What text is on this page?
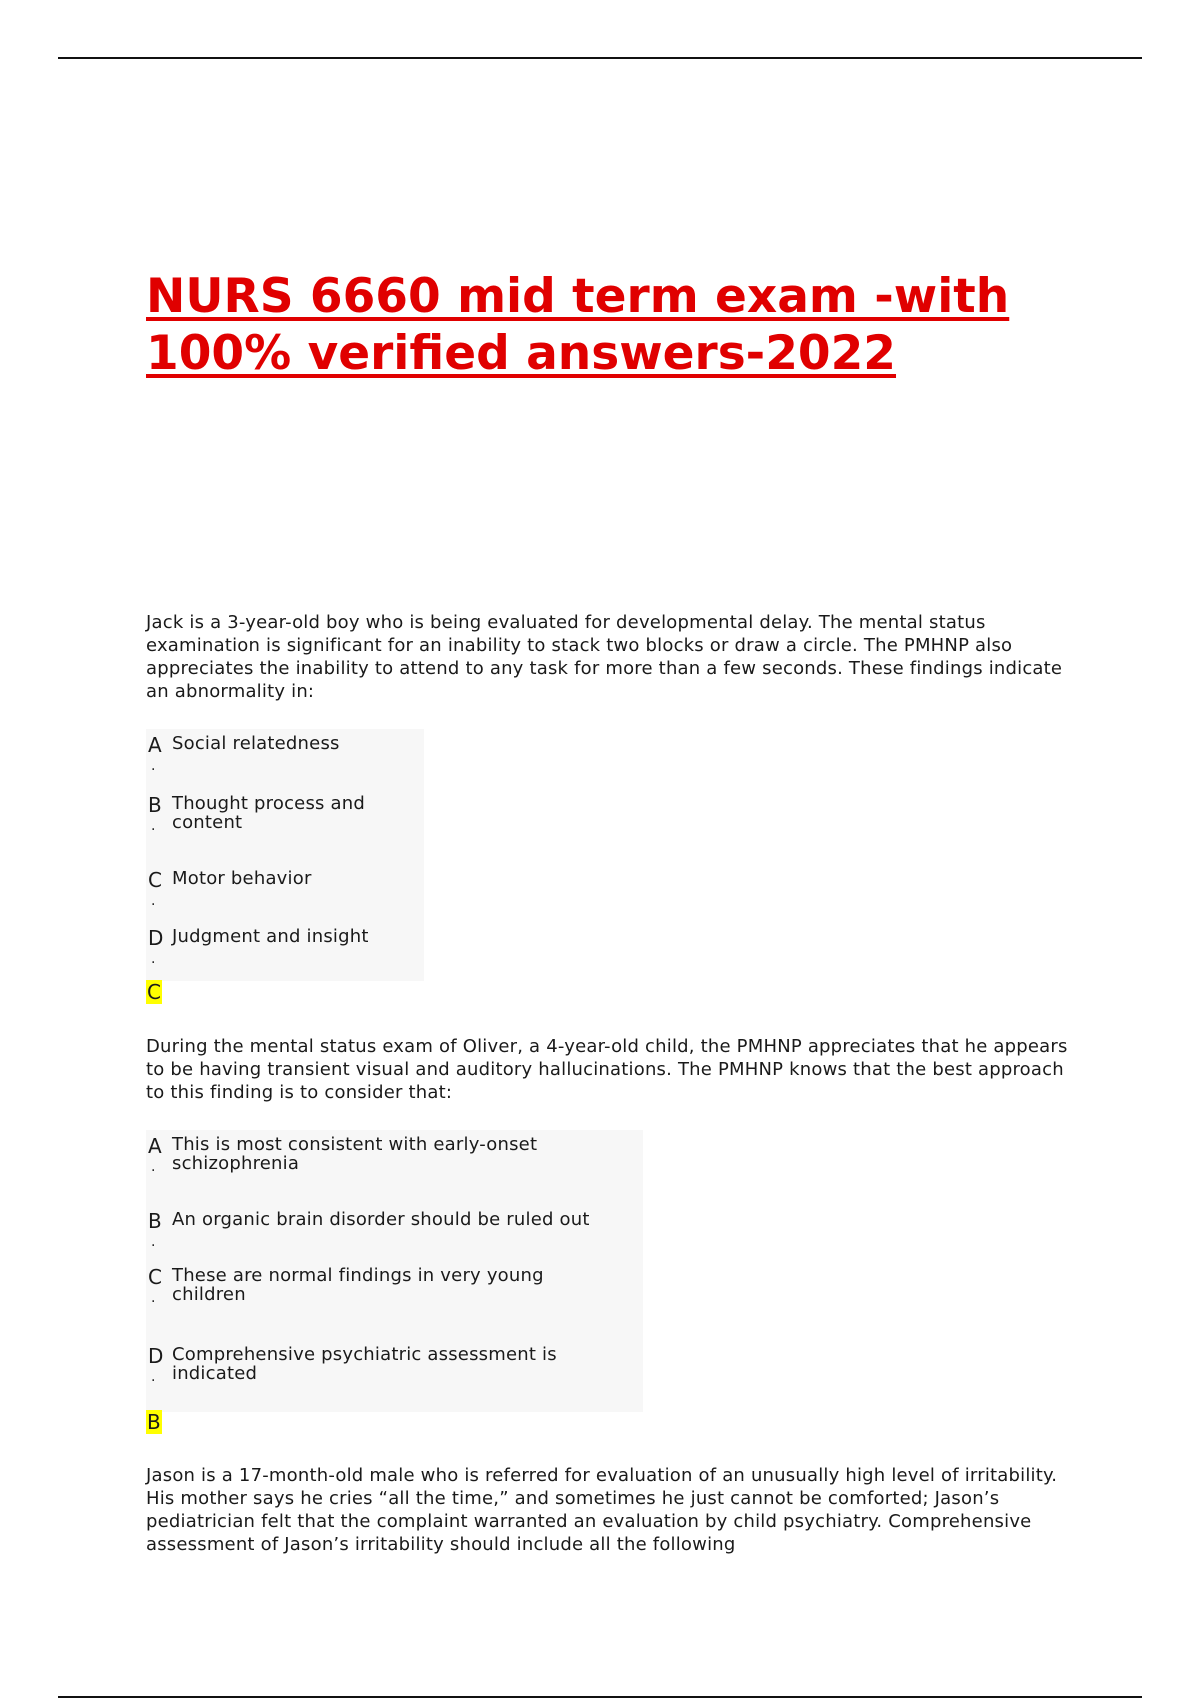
NURS 6660 mid term exam -with 100% verified answers-2022

Jack is a 3-year-old boy who is being evaluated for developmental delay. The mental status examination is significant for an inability to stack two blocks or draw a circle. The PMHNP also appreciates the inability to attend to any task for more than a few seconds. These findings indicate an abnormality in:

A
.
Social relatedness
B
.
Thought process and content
C
.
Motor behavior
D
.
Judgment and insight
C

During the mental status exam of Oliver, a 4-year-old child, the PMHNP appreciates that he appears to be having transient visual and auditory hallucinations. The PMHNP knows that the best approach to this finding is to consider that:

A
.
This is most consistent with early-onset schizophrenia
B
.
An organic brain disorder should be ruled out
C
.
These are normal findings in very young children
D
.
Comprehensive psychiatric assessment is indicated
B

Jason is a 17-month-old male who is referred for evaluation of an unusually high level of irritability. His mother says he cries “all the time,” and sometimes he just cannot be comforted; Jason’s pediatrician felt that the complaint warranted an evaluation by child psychiatry. Comprehensive assessment of Jason’s irritability should include all the following
